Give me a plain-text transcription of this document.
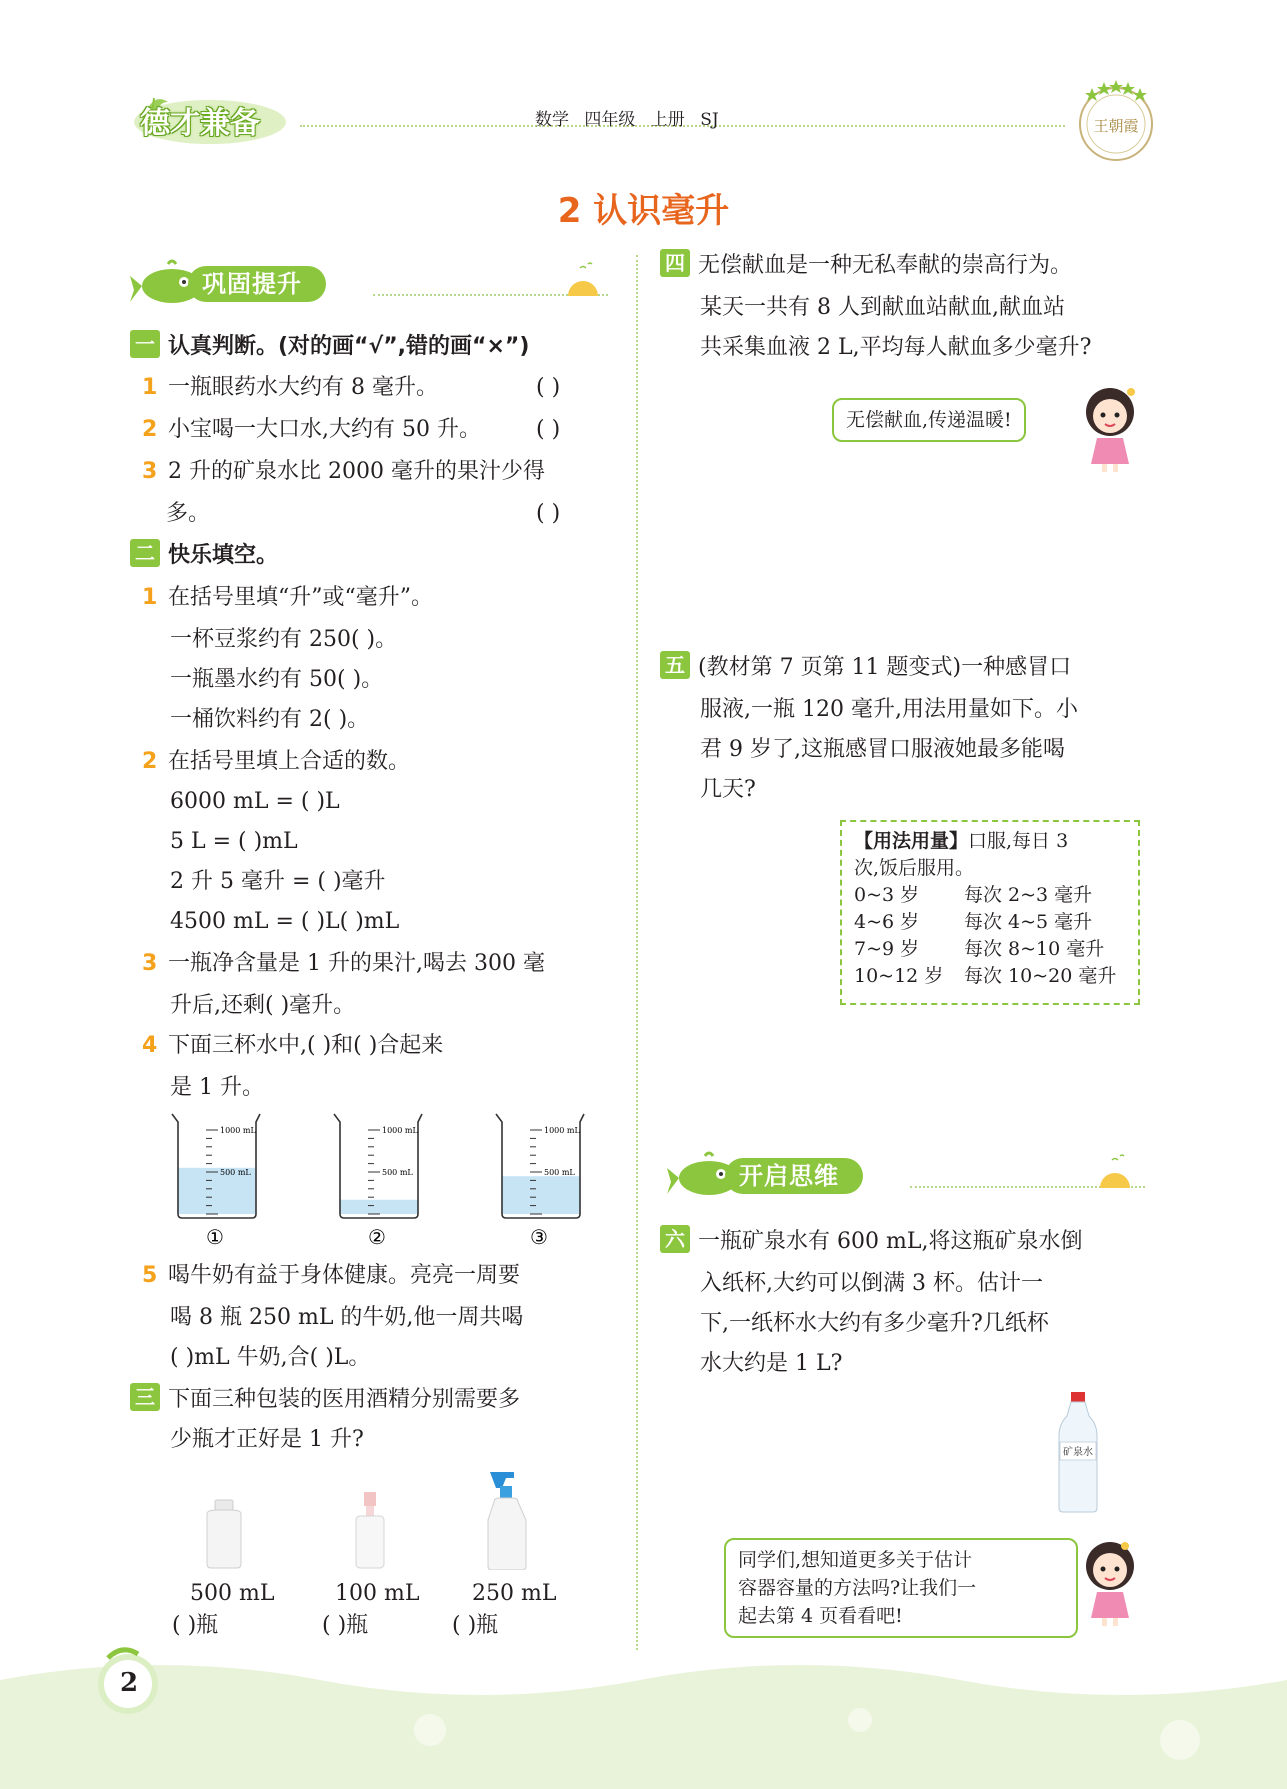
德才兼备	数学 四年级 上册 SJ	王朝霞
2 认识毫升
巩固提升
一 认真判断。(对的画“√”,错的画“×”)
1 一瓶眼药水大约有 8 毫升。	( )
2 小宝喝一大口水,大约有 50 升。	( )
3 2 升的矿泉水比 2000 毫升的果汁少得
多。	( )
二 快乐填空。
1 在括号里填“升”或“毫升”。
一杯豆浆约有 250( )。
一瓶墨水约有 50( )。
一桶饮料约有 2( )。
2 在括号里填上合适的数。
6000 mL = ( )L
5 L = ( )mL
2 升 5 毫升 = ( )毫升
4500 mL = ( )L( )mL
3 一瓶净含量是 1 升的果汁,喝去 300 毫
升后,还剩( )毫升。
4 下面三杯水中,( )和( )合起来
是 1 升。
1000 mL
500 mL
①
1000 mL
500 mL
②
1000 mL
500 mL
③
5 喝牛奶有益于身体健康。亮亮一周要
喝 8 瓶 250 mL 的牛奶,他一周共喝
( )mL 牛奶,合( )L。
三 下面三种包装的医用酒精分别需要多
少瓶才正好是 1 升?
500 mL	100 mL 250 mL
( )瓶	( )瓶	( )瓶
四 无偿献血是一种无私奉献的崇高行为。
某天一共有 8 人到献血站献血,献血站
共采集血液 2 L,平均每人献血多少毫升?
无偿献血,传递温暖!
五 (教材第 7 页第 11 题变式)一种感冒口
服液,一瓶 120 毫升,用法用量如下。小
君 9 岁了,这瓶感冒口服液她最多能喝
几天?
【用法用量】口服,每日 3
次,饭后服用。
0~3 岁 每次 2~3 毫升
4~6 岁 每次 4~5 毫升
7~9 岁 每次 8~10 毫升
10~12 岁 每次 10~20 毫升
开启思维
六 一瓶矿泉水有 600 mL,将这瓶矿泉水倒
入纸杯,大约可以倒满 3 杯。估计一
下,一纸杯水大约有多少毫升?几纸杯
水大约是 1 L?
矿泉水
同学们,想知道更多关于估计
容器容量的方法吗?让我们一
起去第 4 页看看吧!
2
